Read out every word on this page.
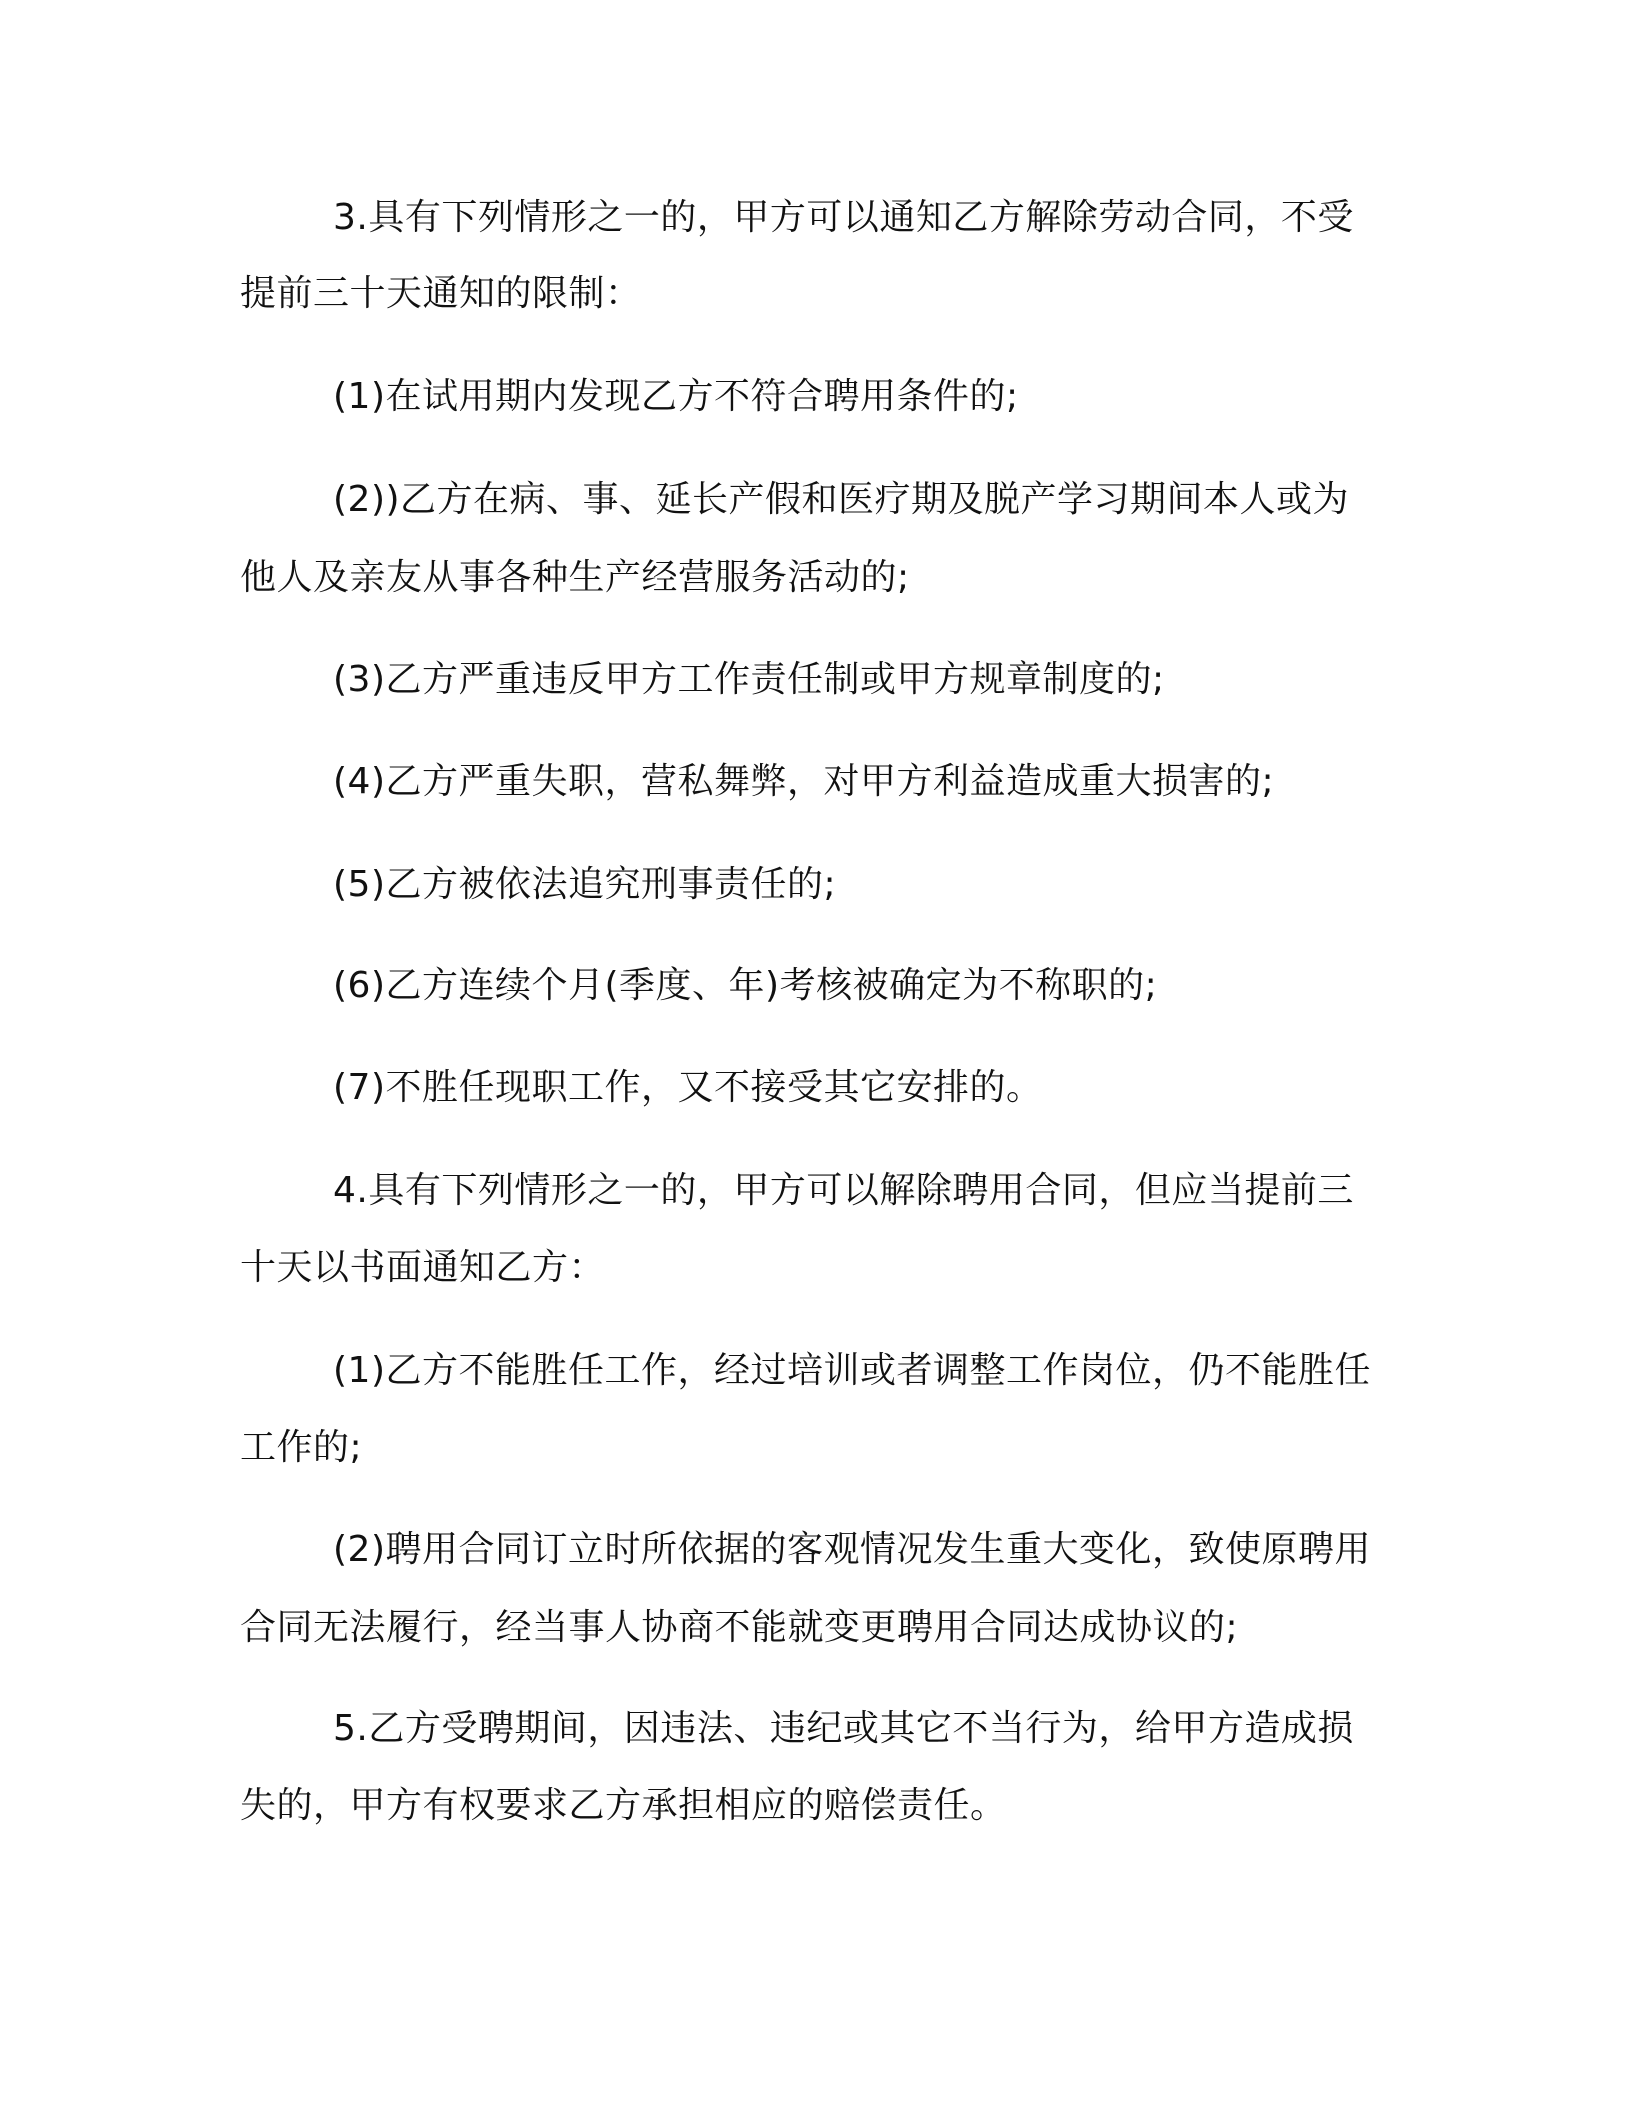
3.具有下列情形之一的，甲方可以通知乙方解除劳动合同，不受
提前三十天通知的限制：
(1)在试用期内发现乙方不符合聘用条件的;
(2))乙方在病、事、延长产假和医疗期及脱产学习期间本人或为
他人及亲友从事各种生产经营服务活动的;
(3)乙方严重违反甲方工作责任制或甲方规章制度的;
(4)乙方严重失职，营私舞弊，对甲方利益造成重大损害的;
(5)乙方被依法追究刑事责任的;
(6)乙方连续个月(季度、年)考核被确定为不称职的;
(7)不胜任现职工作，又不接受其它安排的。
4.具有下列情形之一的，甲方可以解除聘用合同，但应当提前三
十天以书面通知乙方：
(1)乙方不能胜任工作，经过培训或者调整工作岗位，仍不能胜任
工作的;
(2)聘用合同订立时所依据的客观情况发生重大变化，致使原聘用
合同无法履行，经当事人协商不能就变更聘用合同达成协议的;
5.乙方受聘期间，因违法、违纪或其它不当行为，给甲方造成损
失的，甲方有权要求乙方承担相应的赔偿责任。
